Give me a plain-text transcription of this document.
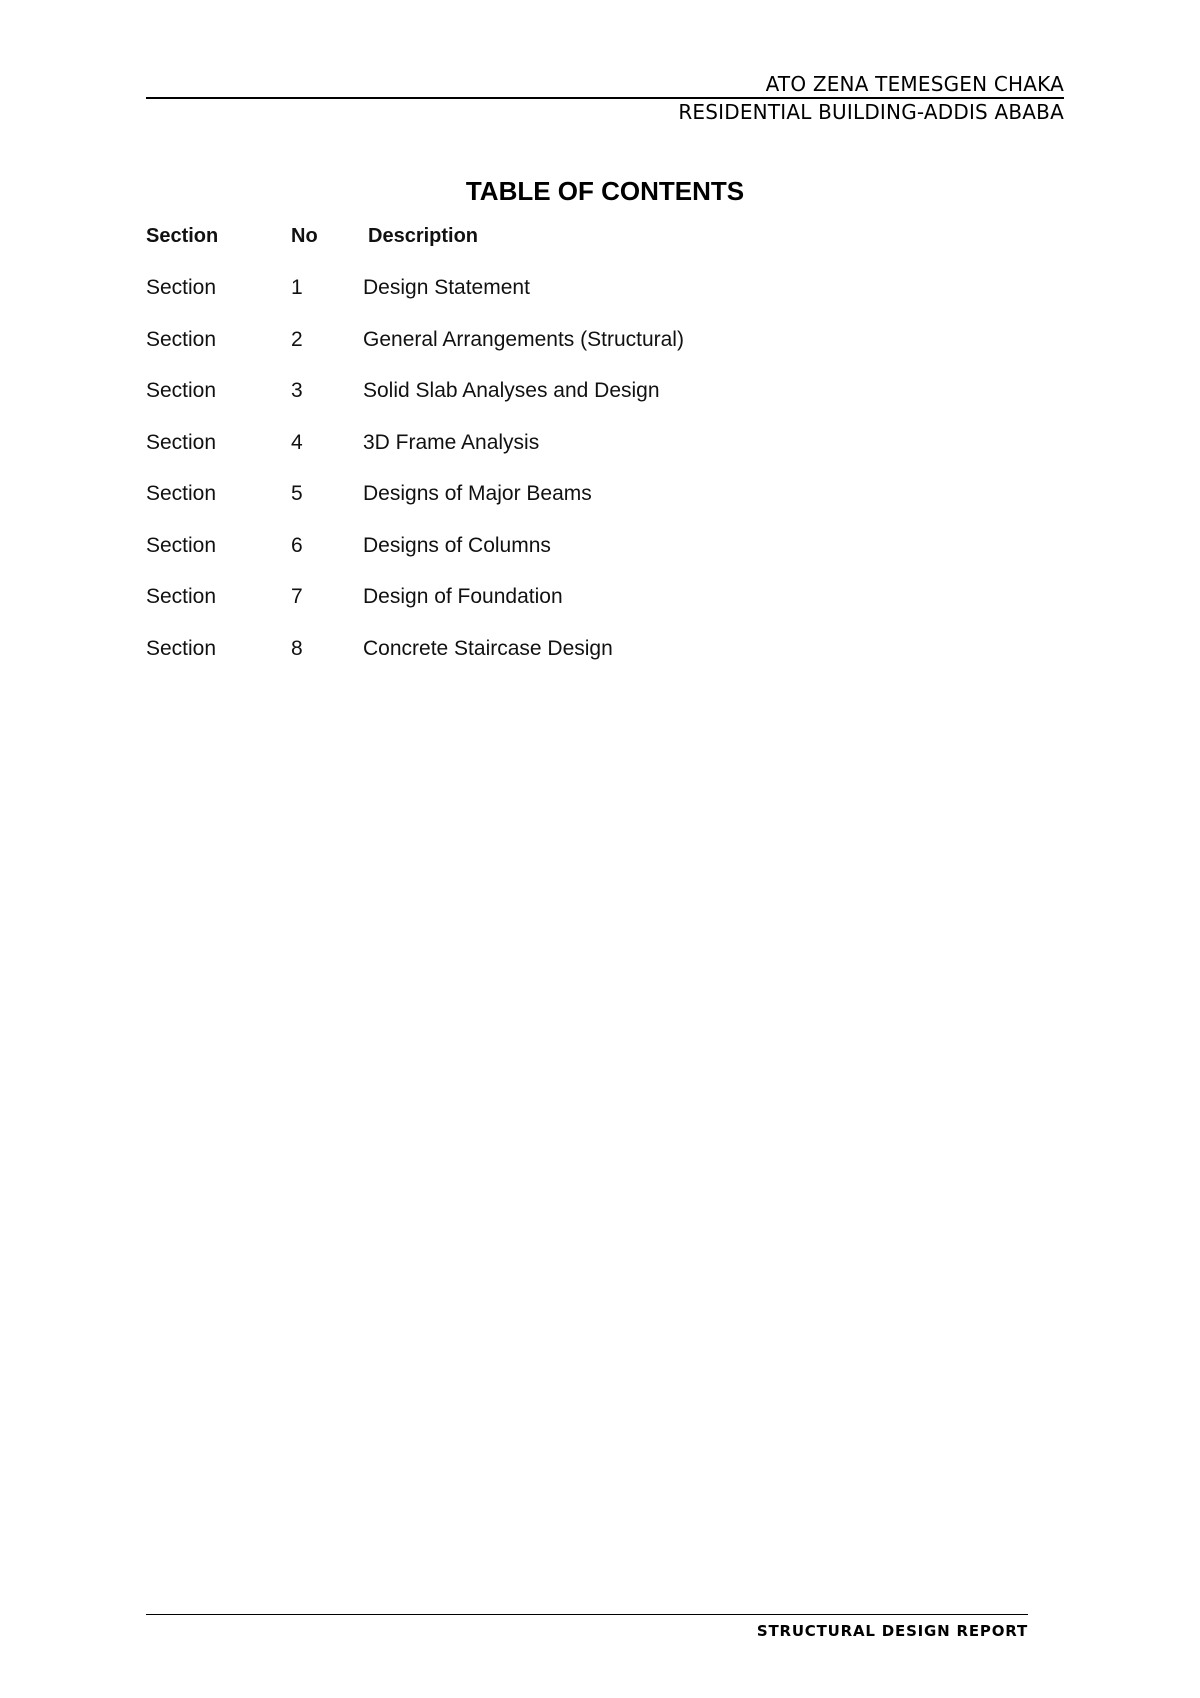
ATO ZENA TEMESGEN CHAKA
RESIDENTIAL BUILDING-ADDIS ABABA
TABLE OF CONTENTS
Section	No	Description
Section	1	Design Statement
Section	2	General Arrangements (Structural)
Section	3	Solid Slab Analyses and Design
Section	4	3D Frame Analysis
Section	5	Designs of Major Beams
Section	6	Designs of Columns
Section	7	Design of Foundation
Section	8	Concrete Staircase Design
STRUCTURAL DESIGN REPORT
